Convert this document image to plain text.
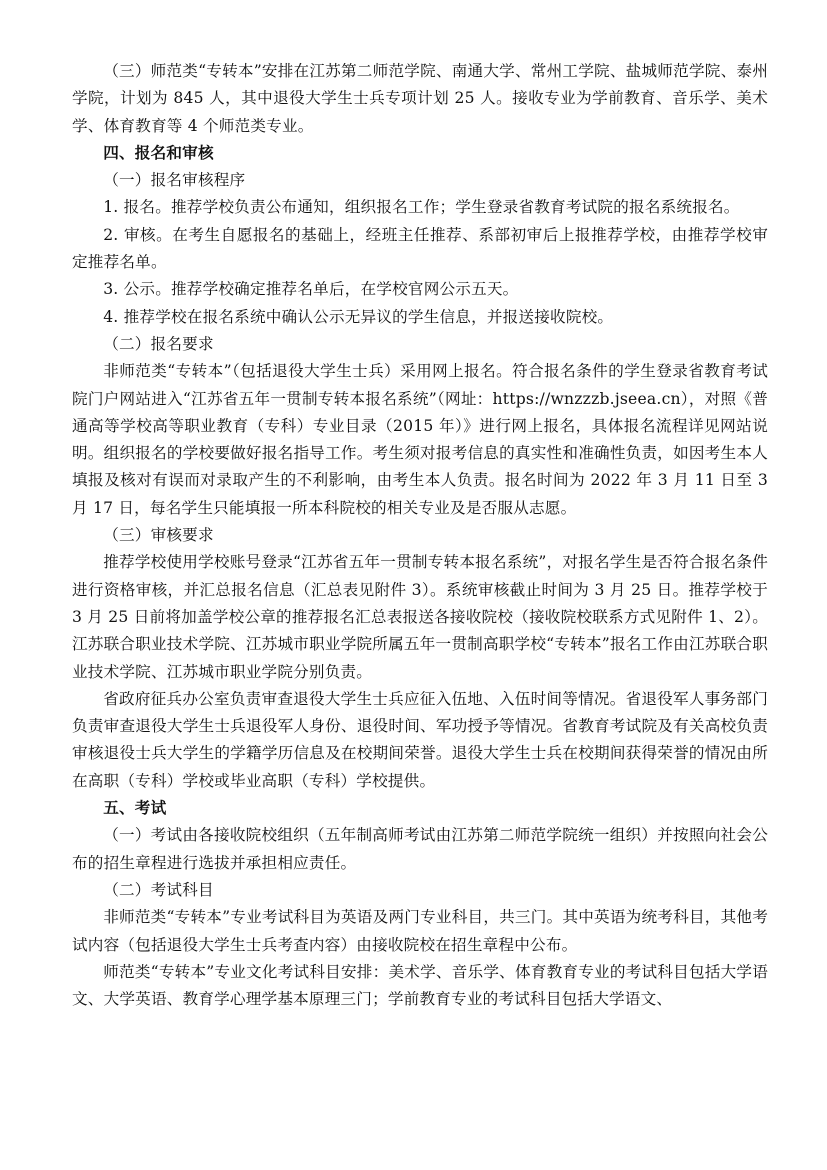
（三）师范类“专转本”安排在江苏第二师范学院、南通大学、常州工学院、盐城师范学院、泰州学院，计划为 845 人，其中退役大学生士兵专项计划 25 人。接收专业为学前教育、音乐学、美术学、体育教育等 4 个师范类专业。

四、报名和审核

（一）报名审核程序

1. 报名。推荐学校负责公布通知，组织报名工作；学生登录省教育考试院的报名系统报名。

2. 审核。在考生自愿报名的基础上，经班主任推荐、系部初审后上报推荐学校，由推荐学校审定推荐名单。

3. 公示。推荐学校确定推荐名单后，在学校官网公示五天。

4. 推荐学校在报名系统中确认公示无异议的学生信息，并报送接收院校。

（二）报名要求

非师范类“专转本”（包括退役大学生士兵）采用网上报名。符合报名条件的学生登录省教育考试院门户网站进入“江苏省五年一贯制专转本报名系统”（网址：https://wnzzzb.jseea.cn），对照《普通高等学校高等职业教育（专科）专业目录（2015 年）》进行网上报名，具体报名流程详见网站说明。组织报名的学校要做好报名指导工作。考生须对报考信息的真实性和准确性负责，如因考生本人填报及核对有误而对录取产生的不利影响，由考生本人负责。报名时间为 2022 年 3 月 11 日至 3 月 17 日，每名学生只能填报一所本科院校的相关专业及是否服从志愿。

（三）审核要求

推荐学校使用学校账号登录“江苏省五年一贯制专转本报名系统”，对报名学生是否符合报名条件进行资格审核，并汇总报名信息（汇总表见附件 3）。系统审核截止时间为 3 月 25 日。推荐学校于 3 月 25 日前将加盖学校公章的推荐报名汇总表报送各接收院校（接收院校联系方式见附件 1、2）。江苏联合职业技术学院、江苏城市职业学院所属五年一贯制高职学校“专转本”报名工作由江苏联合职业技术学院、江苏城市职业学院分别负责。

省政府征兵办公室负责审查退役大学生士兵应征入伍地、入伍时间等情况。省退役军人事务部门负责审查退役大学生士兵退役军人身份、退役时间、军功授予等情况。省教育考试院及有关高校负责审核退役士兵大学生的学籍学历信息及在校期间荣誉。退役大学生士兵在校期间获得荣誉的情况由所在高职（专科）学校或毕业高职（专科）学校提供。

五、考试

（一）考试由各接收院校组织（五年制高师考试由江苏第二师范学院统一组织）并按照向社会公布的招生章程进行选拔并承担相应责任。

（二）考试科目

非师范类“专转本”专业考试科目为英语及两门专业科目，共三门。其中英语为统考科目，其他考试内容（包括退役大学生士兵考查内容）由接收院校在招生章程中公布。

师范类“专转本”专业文化考试科目安排：美术学、音乐学、体育教育专业的考试科目包括大学语文、大学英语、教育学心理学基本原理三门；学前教育专业的考试科目包括大学语文、
